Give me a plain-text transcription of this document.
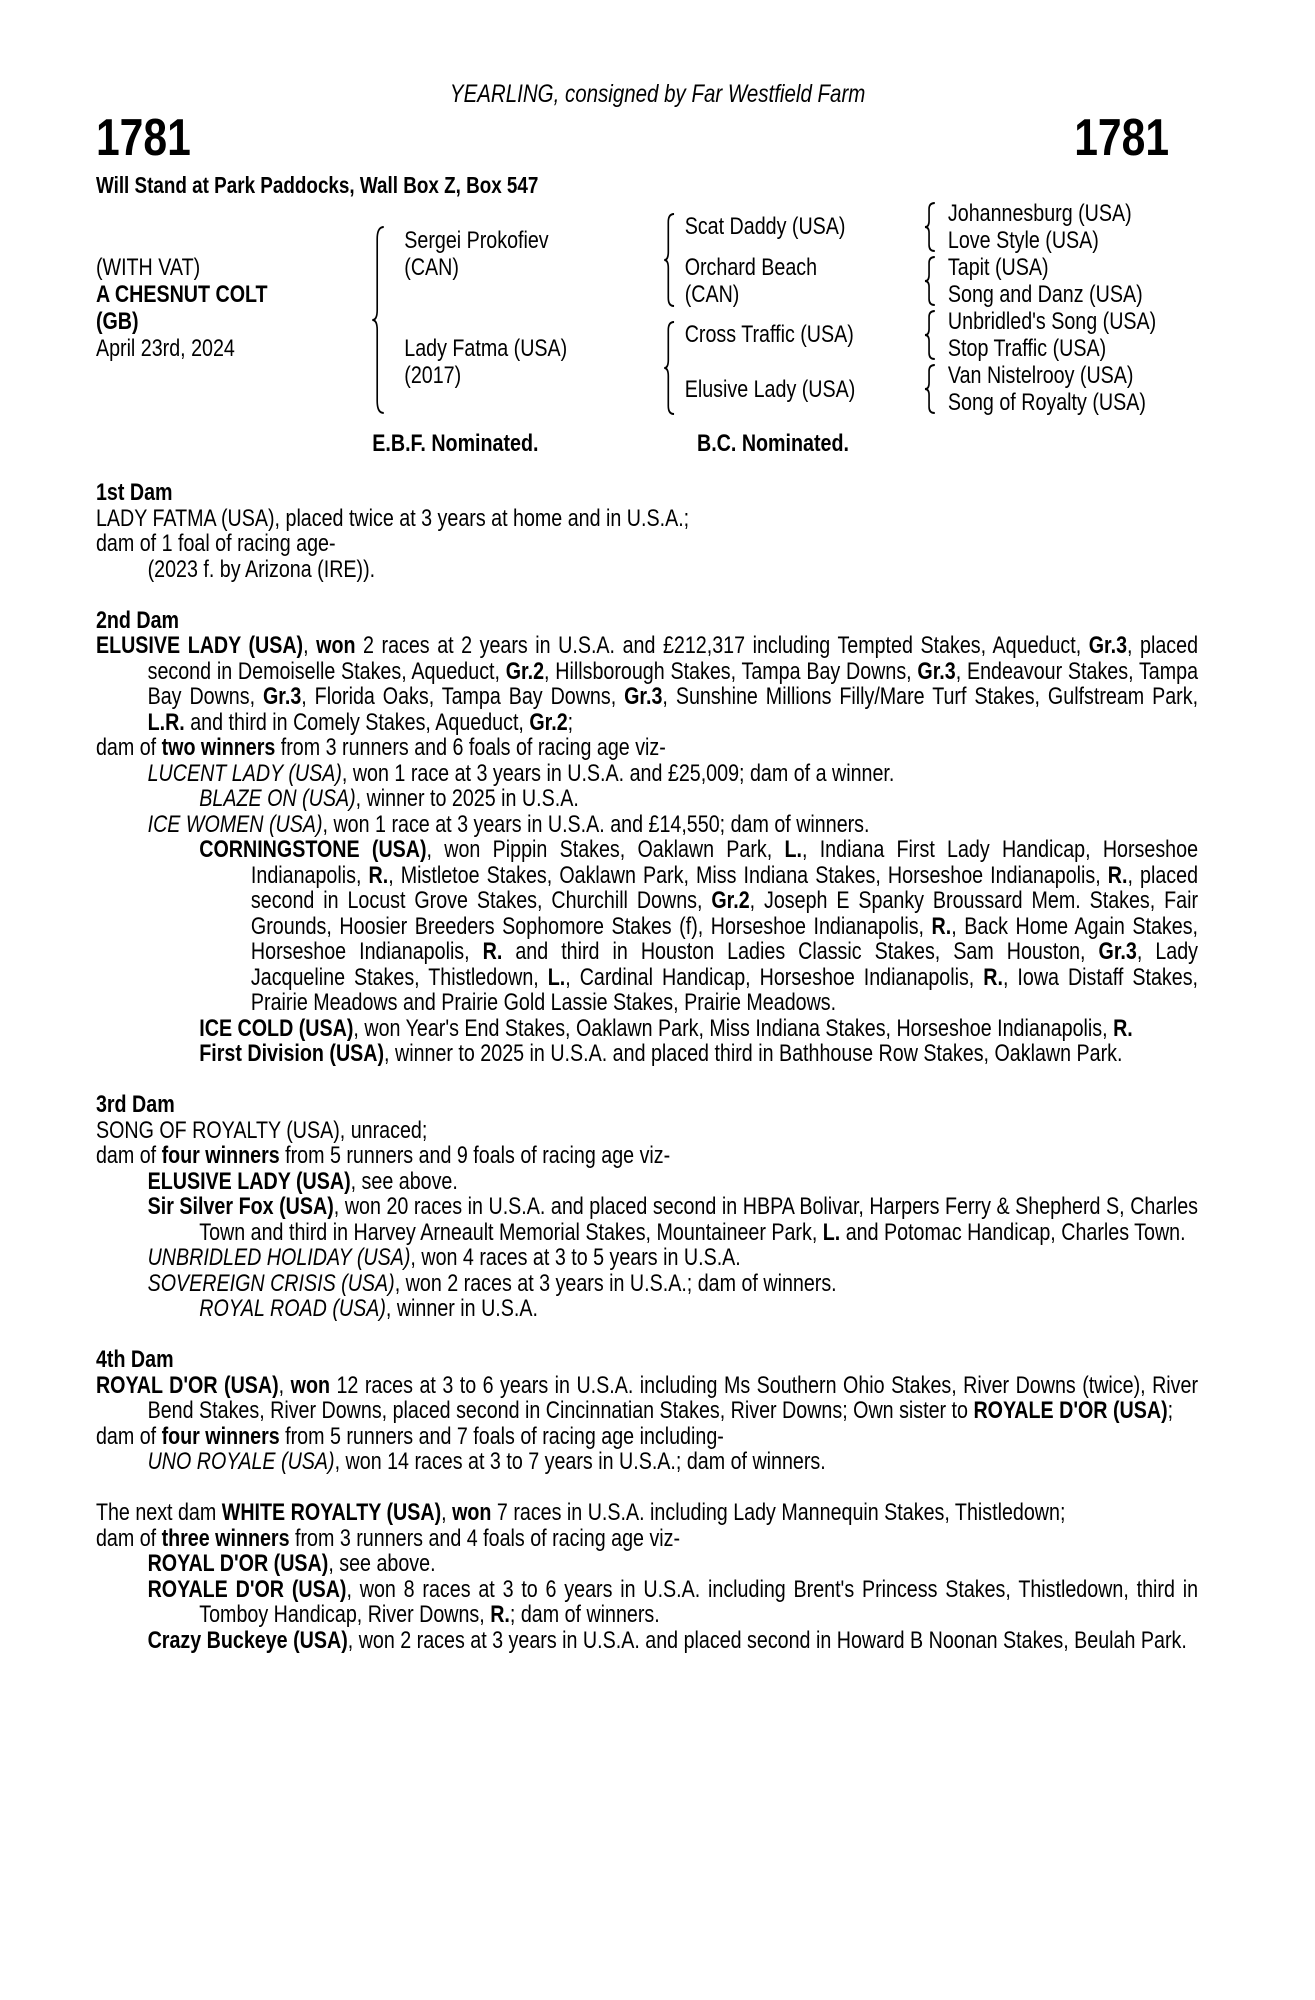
YEARLING, consigned by Far Westfield Farm
1781	1781
Will Stand at Park Paddocks, Wall Box Z, Box 547
(WITH VAT)
A CHESNUT COLT
(GB)
April 23rd, 2024
Sergei Prokofiev
(CAN)
Lady Fatma (USA)
(2017)
Scat Daddy (USA)
Orchard Beach
(CAN)
Cross Traffic (USA)
Elusive Lady (USA)
Johannesburg (USA)
Love Style (USA)
Tapit (USA)
Song and Danz (USA)
Unbridled's Song (USA)
Stop Traffic (USA)
Van Nistelrooy (USA)
Song of Royalty (USA)
E.B.F. Nominated.	B.C. Nominated.
1st Dam
LADY FATMA (USA), placed twice at 3 years at home and in U.S.A.;
dam of 1 foal of racing age-
(2023 f. by Arizona (IRE)).
2nd Dam
ELUSIVE LADY (USA), won 2 races at 2 years in U.S.A. and £212,317 including Tempted Stakes, Aqueduct, Gr.3, placed second in Demoiselle Stakes, Aqueduct, Gr.2, Hillsborough Stakes, Tampa Bay Downs, Gr.3, Endeavour Stakes, Tampa Bay Downs, Gr.3, Florida Oaks, Tampa Bay Downs, Gr.3, Sunshine Millions Filly/Mare Turf Stakes, Gulfstream Park, L.R. and third in Comely Stakes, Aqueduct, Gr.2;
dam of two winners from 3 runners and 6 foals of racing age viz-
LUCENT LADY (USA), won 1 race at 3 years in U.S.A. and £25,009; dam of a winner.
BLAZE ON (USA), winner to 2025 in U.S.A.
ICE WOMEN (USA), won 1 race at 3 years in U.S.A. and £14,550; dam of winners.
CORNINGSTONE (USA), won Pippin Stakes, Oaklawn Park, L., Indiana First Lady Handicap, Horseshoe Indianapolis, R., Mistletoe Stakes, Oaklawn Park, Miss Indiana Stakes, Horseshoe Indianapolis, R., placed second in Locust Grove Stakes, Churchill Downs, Gr.2, Joseph E Spanky Broussard Mem. Stakes, Fair Grounds, Hoosier Breeders Sophomore Stakes (f), Horseshoe Indianapolis, R., Back Home Again Stakes, Horseshoe Indianapolis, R. and third in Houston Ladies Classic Stakes, Sam Houston, Gr.3, Lady Jacqueline Stakes, Thistledown, L., Cardinal Handicap, Horseshoe Indianapolis, R., Iowa Distaff Stakes, Prairie Meadows and Prairie Gold Lassie Stakes, Prairie Meadows.
ICE COLD (USA), won Year's End Stakes, Oaklawn Park, Miss Indiana Stakes, Horseshoe Indianapolis, R.
First Division (USA), winner to 2025 in U.S.A. and placed third in Bathhouse Row Stakes, Oaklawn Park.
3rd Dam
SONG OF ROYALTY (USA), unraced;
dam of four winners from 5 runners and 9 foals of racing age viz-
ELUSIVE LADY (USA), see above.
Sir Silver Fox (USA), won 20 races in U.S.A. and placed second in HBPA Bolivar, Harpers Ferry & Shepherd S, Charles Town and third in Harvey Arneault Memorial Stakes, Mountaineer Park, L. and Potomac Handicap, Charles Town.
UNBRIDLED HOLIDAY (USA), won 4 races at 3 to 5 years in U.S.A.
SOVEREIGN CRISIS (USA), won 2 races at 3 years in U.S.A.; dam of winners.
ROYAL ROAD (USA), winner in U.S.A.
4th Dam
ROYAL D'OR (USA), won 12 races at 3 to 6 years in U.S.A. including Ms Southern Ohio Stakes, River Downs (twice), River Bend Stakes, River Downs, placed second in Cincinnatian Stakes, River Downs; Own sister to ROYALE D'OR (USA);
dam of four winners from 5 runners and 7 foals of racing age including-
UNO ROYALE (USA), won 14 races at 3 to 7 years in U.S.A.; dam of winners.
The next dam WHITE ROYALTY (USA), won 7 races in U.S.A. including Lady Mannequin Stakes, Thistledown;
dam of three winners from 3 runners and 4 foals of racing age viz-
ROYAL D'OR (USA), see above.
ROYALE D'OR (USA), won 8 races at 3 to 6 years in U.S.A. including Brent's Princess Stakes, Thistledown, third in Tomboy Handicap, River Downs, R.; dam of winners.
Crazy Buckeye (USA), won 2 races at 3 years in U.S.A. and placed second in Howard B Noonan Stakes, Beulah Park.
